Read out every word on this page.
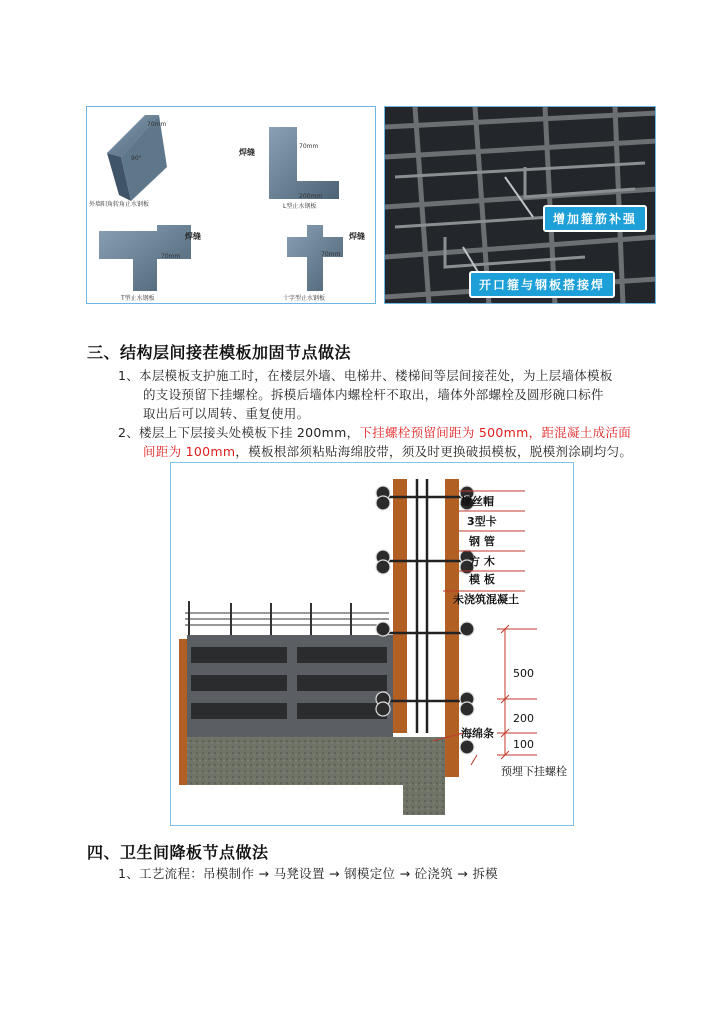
外墙阳角转角止水钢板	L型止水钢板
T型止水钢板	十字型止水钢板
焊缝
焊缝	焊缝
70mm
90°
70mm
200mm
70mm	70mm
增加箍筋补强
开口箍与钢板搭接焊
三、结构层间接茬模板加固节点做法
1、本层模板支护施工时，在楼层外墙、电梯井、楼梯间等层间接茬处，为上层墙体模板
的支设预留下挂螺栓。拆模后墙体内螺栓杆不取出，墙体外部螺栓及圆形碗口标件
取出后可以周转、重复使用。
2、楼层上下层接头处模板下挂 200mm，下挂螺栓预留间距为 500mm，距混凝土成活面
间距为 100mm，模板根部须粘贴海绵胶带，须及时更换破损模板，脱模剂涂刷均匀。
螺丝帽
3型卡
钢 管
方 木
模 板
未浇筑混凝土
500
200
100
海绵条
预埋下挂螺栓
四、卫生间降板节点做法
1、工艺流程：吊模制作 → 马凳设置 → 钢模定位 → 砼浇筑 → 拆模
